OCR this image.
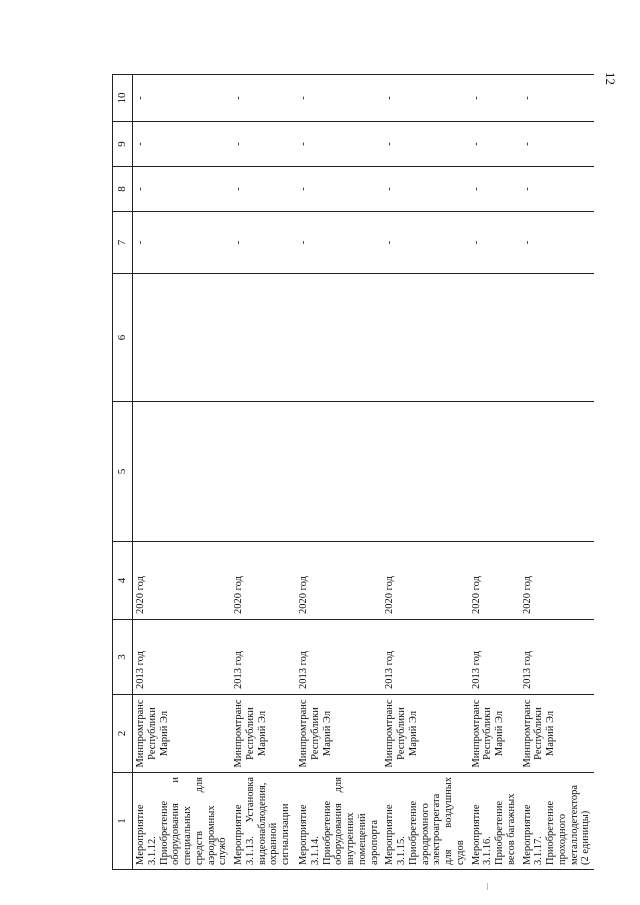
12
1	2	3	4	5	6	7	8	9	10
Мероприятие 3.1.12. Приобретение оборудования и специальных средств для аэродромных служб	Минпромтранс Республики Марий Эл	2013 год	2020 год			-	-	-	-
Мероприятие 3.1.13. Установка видеонаблюдения, охранной сигнализации	Минпромтранс Республики Марий Эл	2013 год	2020 год			-	-	-	-
Мероприятие 3.1.14. Приобретение оборудования для внутренних помещений аэропорта	Минпромтранс Республики Марий Эл	2013 год	2020 год			-	-	-	-
Мероприятие 3.1.15. Приобретение аэродромного электроагрегата для воздушных судов	Минпромтранс Республики Марий Эл	2013 год	2020 год			-	-	-	-
Мероприятие 3.1.16. Приобретение весов багажных	Минпромтранс Республики Марий Эл	2013 год	2020 год			-	-	-	-
Мероприятие 3.1.17. Приобретение проходного металлодетектора (2 единицы)	Минпромтранс Республики Марий Эл	2013 год	2020 год			-	-	-	-
